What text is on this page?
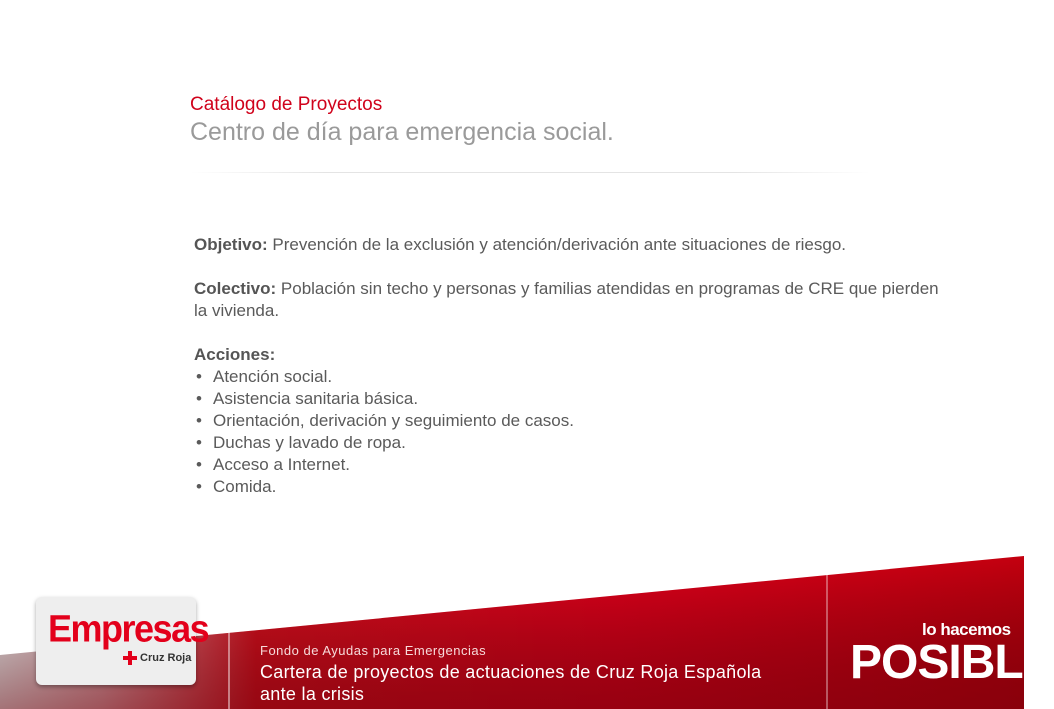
Catálogo de Proyectos

Centro de día para emergencia social.

Objetivo: Prevención de la exclusión y atención/derivación ante situaciones de riesgo.

Colectivo: Población sin techo y personas y familias atendidas en programas de CRE que pierden la vivienda.

Acciones:

• Atención social.
• Asistencia sanitaria básica.
• Orientación, derivación y seguimiento de casos.
• Duchas y lavado de ropa.
• Acceso a Internet.
• Comida.
Empresas
Cruz Roja	Fondo de Ayudas para Emergencias
Cartera de proyectos de actuaciones de Cruz Roja Española
ante la crisis
lo hacemos
POSIBLE
